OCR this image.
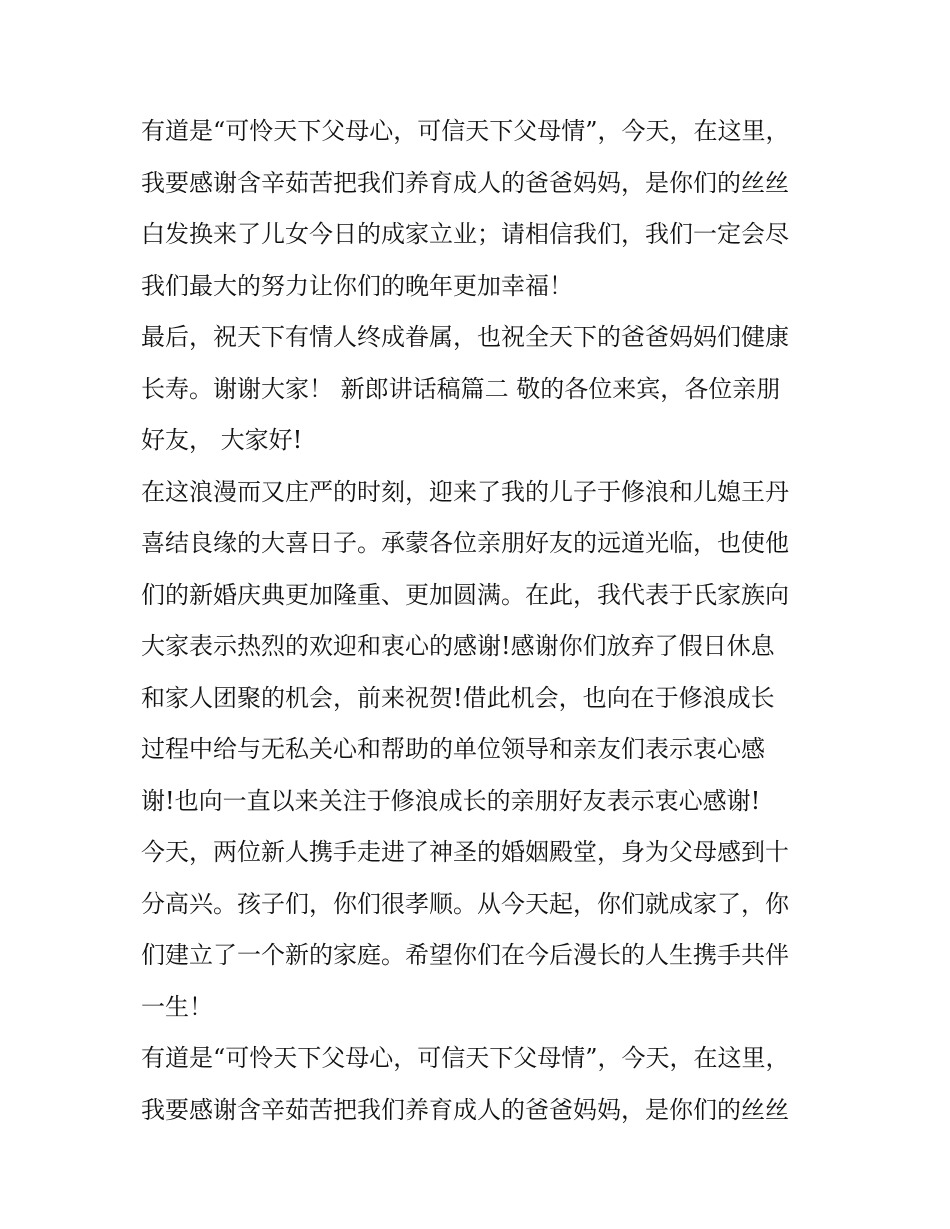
有道是“可怜天下父母心，可信天下父母情”，今天，在这里，
我要感谢含辛茹苦把我们养育成人的爸爸妈妈，是你们的丝丝
白发换来了儿女今日的成家立业；请相信我们，我们一定会尽
我们最大的努力让你们的晚年更加幸福！
最后，祝天下有情人终成眷属，也祝全天下的爸爸妈妈们健康
长寿。谢谢大家！ 新郎讲话稿篇二 敬的各位来宾，各位亲朋
好友， 大家好!
在这浪漫而又庄严的时刻，迎来了我的儿子于修浪和儿媳王丹
喜结良缘的大喜日子。承蒙各位亲朋好友的远道光临，也使他
们的新婚庆典更加隆重、更加圆满。在此，我代表于氏家族向
大家表示热烈的欢迎和衷心的感谢!感谢你们放弃了假日休息
和家人团聚的机会，前来祝贺!借此机会，也向在于修浪成长
过程中给与无私关心和帮助的单位领导和亲友们表示衷心感
谢!也向一直以来关注于修浪成长的亲朋好友表示衷心感谢!
今天，两位新人携手走进了神圣的婚姻殿堂，身为父母感到十
分高兴。孩子们，你们很孝顺。从今天起，你们就成家了，你
们建立了一个新的家庭。希望你们在今后漫长的人生携手共伴
一生！
有道是“可怜天下父母心，可信天下父母情”，今天，在这里，
我要感谢含辛茹苦把我们养育成人的爸爸妈妈，是你们的丝丝
